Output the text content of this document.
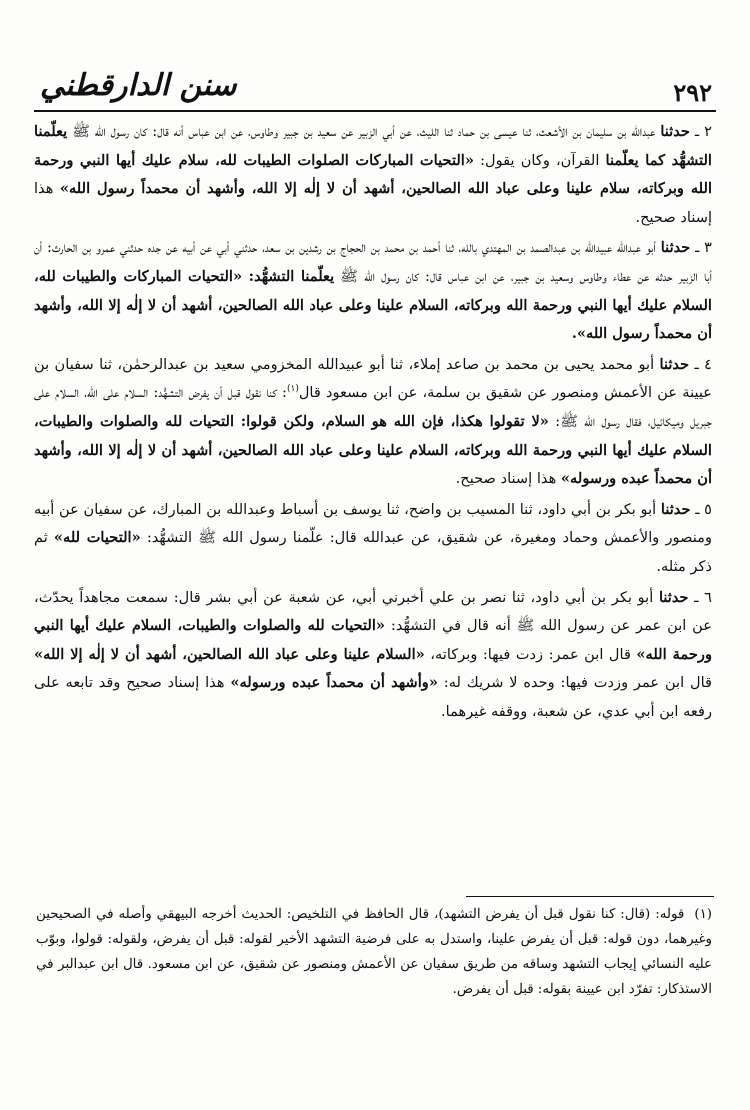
٢٩٢
سنن الدارقطني

٢ ـ حدثنا عبدالله بن سليمان بن الأشعث، ثنا عيسى بن حماد ثنا الليث، عن أبي الزبير عن سعيد بن جبير وطاوس، عن ابن عباس أنه قال: كان رسول الله ﷺ يعلّمنا التشهُّد كما يعلّمنا القرآن، وكان يقول: «التحيات المباركات الصلوات الطيبات لله، سلام عليك أيها النبي ورحمة الله وبركاته، سلام علينا وعلى عباد الله الصالحين، أشهد أن لا إلٰه إلا الله، وأشهد أن محمداً رسول الله» هذا إسناد صحيح.

٣ ـ حدثنا أبو عبدالله عبيدالله بن عبدالصمد بن المهتدي بالله، ثنا أحمد بن محمد بن الحجاج بن رشدين بن سعد، حدثني أبي عن أبيه عن جده حدثني عمرو بن الحارث: أن أبا الزبير حدثه عن عطاء وطاوس وسعيد بن جبير، عن ابن عباس قال: كان رسول الله ﷺ يعلّمنا التشهُّد: «التحيات المباركات والطيبات لله، السلام عليك أيها النبي ورحمة الله وبركاته، السلام علينا وعلى عباد الله الصالحين، أشهد أن لا إلٰه إلا الله، وأشهد أن محمداً رسول الله».

٤ ـ حدثنا أبو محمد يحيى بن محمد بن صاعد إملاء، ثنا أبو عبيدالله المخزومي سعيد بن عبدالرحمٰن، ثنا سفيان بن عيينة عن الأعمش ومنصور عن شقيق بن سلمة، عن ابن مسعود قال$^{(١)}$: كنا نقول قبل أن يفرض التشهُّد: السلام على الله، السلام على جبريل وميكائيل، فقال رسول الله ﷺ: «لا تقولوا هكذا، فإن الله هو السلام، ولكن قولوا: التحيات لله والصلوات والطيبات، السلام عليك أيها النبي ورحمة الله وبركاته، السلام علينا وعلى عباد الله الصالحين، أشهد أن لا إلٰه إلا الله، وأشهد أن محمداً عبده ورسوله» هذا إسناد صحيح.

٥ ـ حدثنا أبو بكر بن أبي داود، ثنا المسيب بن واضح، ثنا يوسف بن أسباط وعبدالله بن المبارك، عن سفيان عن أبيه ومنصور والأعمش وحماد ومغيرة، عن شقيق، عن عبدالله قال: علّمنا رسول الله ﷺ التشهُّد: «التحيات لله» ثم ذكر مثله.

٦ ـ حدثنا أبو بكر بن أبي داود، ثنا نصر بن علي أخبرني أبي، عن شعبة عن أبي بشر قال: سمعت مجاهداً يحدّث، عن ابن عمر عن رسول الله ﷺ أنه قال في التشهُّد: «التحيات لله والصلوات والطيبات، السلام عليك أيها النبي ورحمة الله» قال ابن عمر: زدت فيها: وبركاته، «السلام علينا وعلى عباد الله الصالحين، أشهد أن لا إلٰه إلا الله» قال ابن عمر وزدت فيها: وحده لا شريك له: «وأشهد أن محمداً عبده ورسوله» هذا إسناد صحيح وقد تابعه على رفعه ابن أبي عدي، عن شعبة، ووقفه غيرهما.

(١)قوله: (قال: كنا نقول قبل أن يفرض التشهد)، قال الحافظ في التلخيص: الحديث أخرجه البيهقي وأصله في الصحيحين وغيرهما، دون قوله: قبل أن يفرض علينا، واستدل به على فرضية التشهد الأخير لقوله: قبل أن يفرض، ولقوله: قولوا، وبوّب عليه النسائي إيجاب التشهد وساقه من طريق سفيان عن الأعمش ومنصور عن شقيق، عن ابن مسعود. قال ابن عبدالبر في الاستذكار: تفرّد ابن عيينة بقوله: قبل أن يفرض.
